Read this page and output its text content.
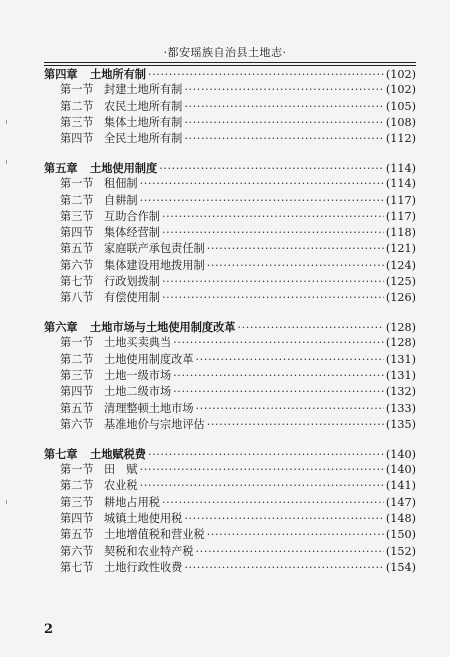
·都安瑶族自治县土地志·
第四章	土地所有制 ·····	(102)
第一节 封建土地所有制 ·····	(102)
第二节 农民土地所有制 ·····	(105)
第三节 集体土地所有制 ·····	(108)
第四节 全民土地所有制 ·····	(112)
第五章	土地使用制度 ·····	(114)
第一节 租佃制 ·····	(114)
第二节 自耕制 ·····	(117)
第三节 互助合作制 ·····	(117)
第四节 集体经营制 ·····	(118)
第五节 家庭联产承包责任制 ·····	(121)
第六节 集体建设用地拨用制 ·····	(124)
第七节 行政划拨制 ·····	(125)
第八节 有偿使用制 ·····	(126)
第六章	土地市场与土地使用制度改革 ·····	(128)
第一节 土地买卖典当 ·····	(128)
第二节 土地使用制度改革 ·····	(131)
第三节 土地一级市场 ·····	(131)
第四节 土地二级市场 ·····	(132)
第五节 清理整顿土地市场 ·····	(133)
第六节 基准地价与宗地评估 ·····	(135)
第七章	土地赋税费 ·····	(140)
第一节 田　赋 ·····	(140)
第二节 农业税 ·····	(141)
第三节 耕地占用税 ·····	(147)
第四节 城镇土地使用税 ·····	(148)
第五节 土地增值税和营业税 ·····	(150)
第六节 契税和农业特产税 ·····	(152)
第七节 土地行政性收费 ·····	(154)
2
